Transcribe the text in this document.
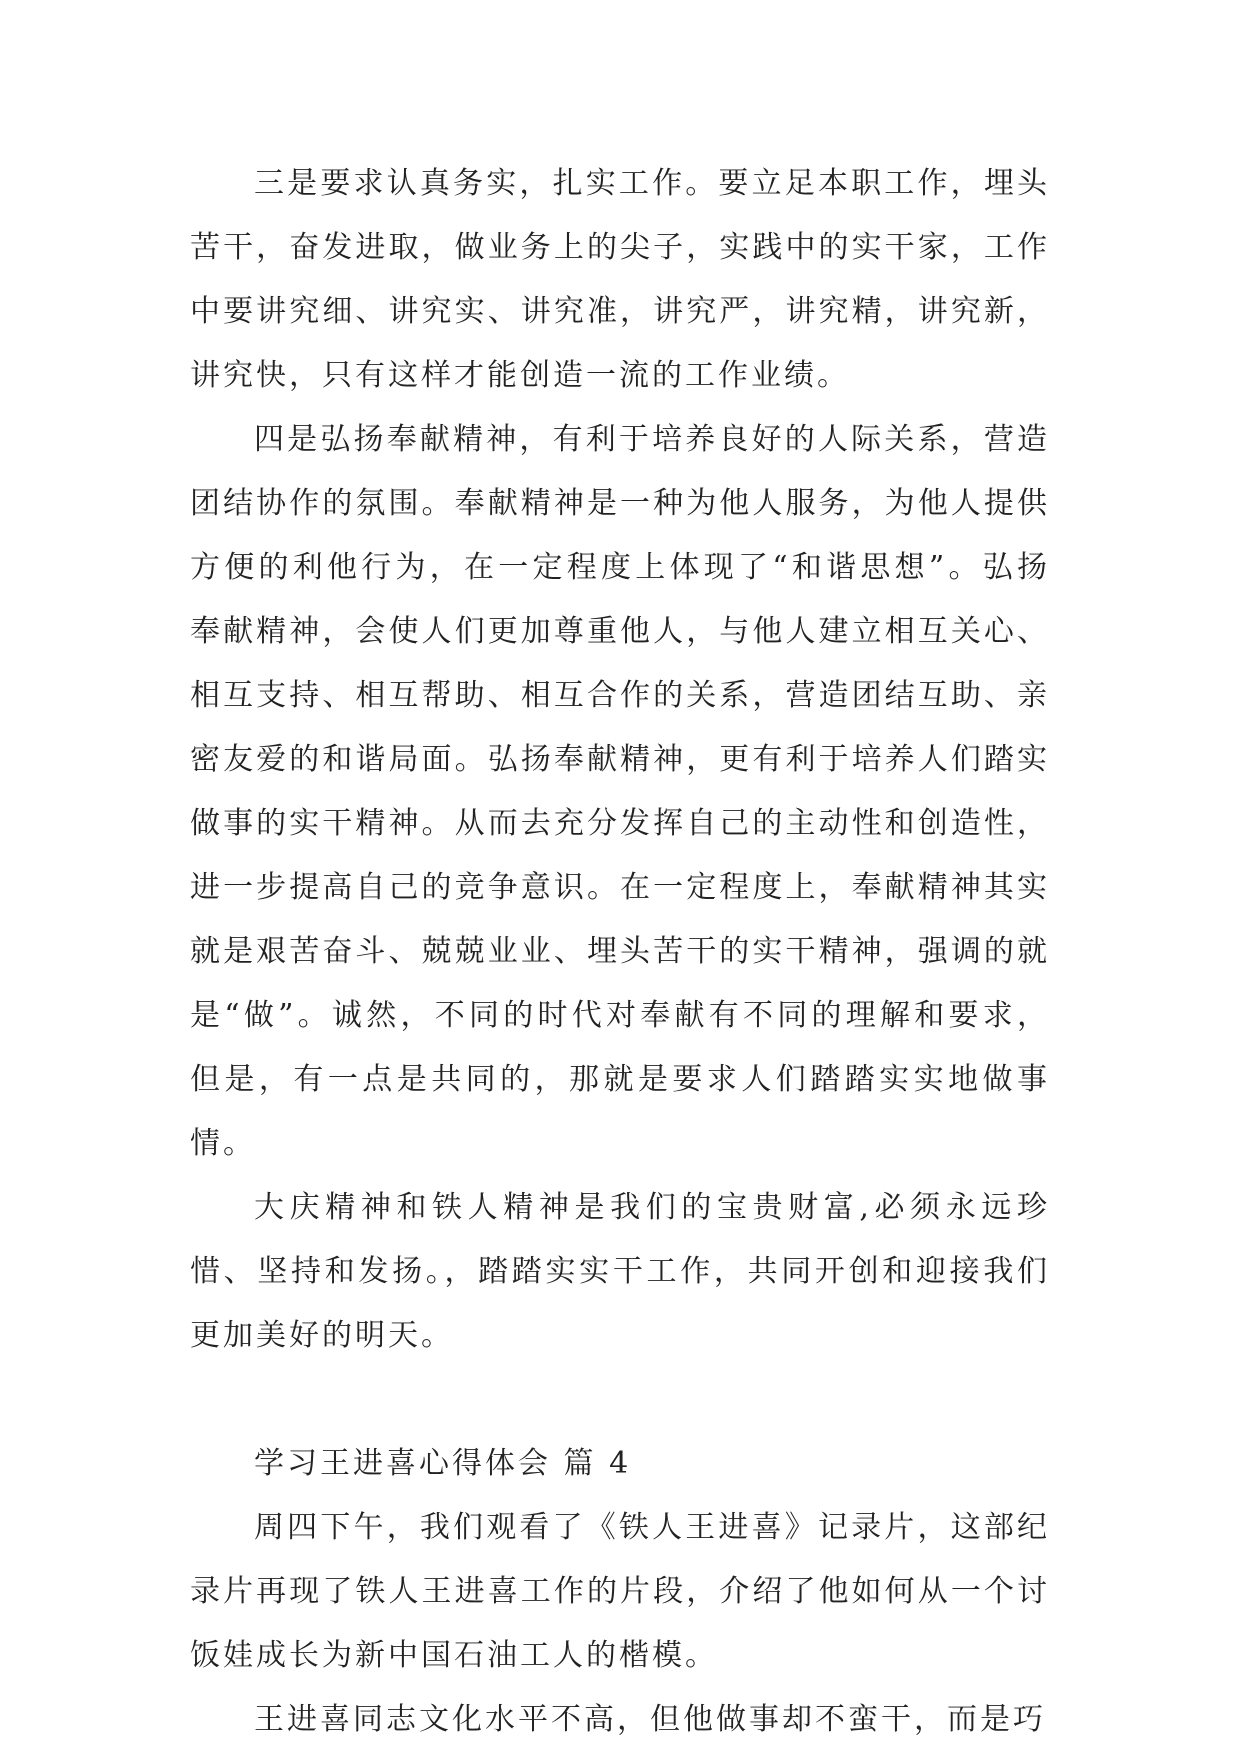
三是要求认真务实，扎实工作。要立足本职工作，埋头苦干，奋发进取，做业务上的尖子，实践中的实干家，工作中要讲究细、讲究实、讲究准，讲究严，讲究精，讲究新，讲究快，只有这样才能创造一流的工作业绩。

四是弘扬奉献精神，有利于培养良好的人际关系，营造团结协作的氛围。奉献精神是一种为他人服务，为他人提供方便的利他行为，在一定程度上体现了“和谐思想”。弘扬奉献精神，会使人们更加尊重他人，与他人建立相互关心、相互支持、相互帮助、相互合作的关系，营造团结互助、亲密友爱的和谐局面。弘扬奉献精神，更有利于培养人们踏实做事的实干精神。从而去充分发挥自己的主动性和创造性，进一步提高自己的竞争意识。在一定程度上，奉献精神其实就是艰苦奋斗、兢兢业业、埋头苦干的实干精神，强调的就是“做”。诚然，不同的时代对奉献有不同的理解和要求，但是，有一点是共同的，那就是要求人们踏踏实实地做事情。

大庆精神和铁人精神是我们的宝贵财富,必须永远珍惜、坚持和发扬。，踏踏实实干工作，共同开创和迎接我们更加美好的明天。

学习王进喜心得体会 篇 4

周四下午，我们观看了《铁人王进喜》记录片，这部纪录片再现了铁人王进喜工作的片段，介绍了他如何从一个讨饭娃成长为新中国石油工人的楷模。

王进喜同志文化水平不高，但他做事却不蛮干，而是巧
